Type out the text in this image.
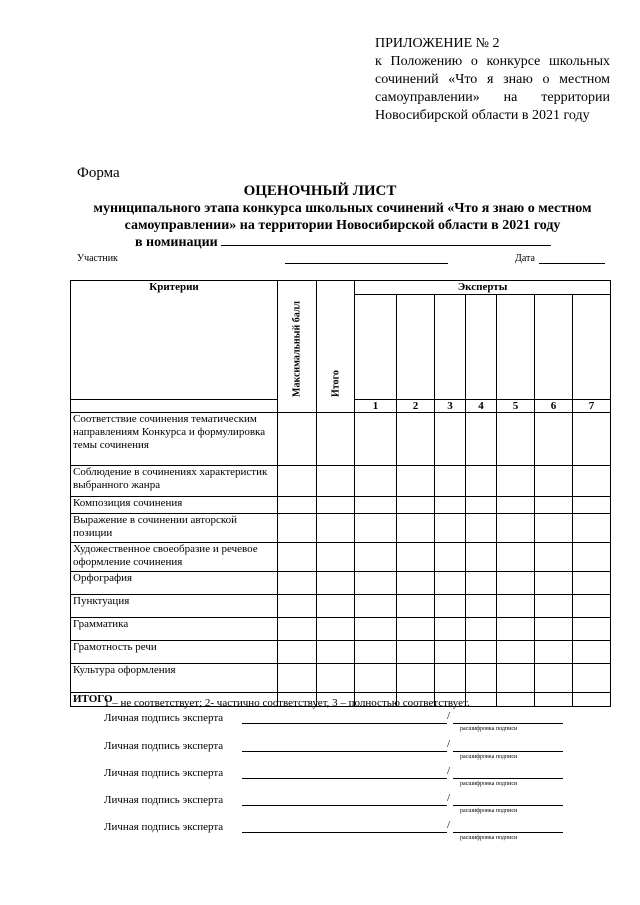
ПРИЛОЖЕНИЕ № 2
к Положению о конкурсе школьных
сочинений «Что я знаю о местном
самоуправлении» на территории
Новосибирской области в 2021 году
Форма
ОЦЕНОЧНЫЙ ЛИСТ
муниципального этапа конкурса школьных сочинений «Что я знаю о местном самоуправлении» на территории Новосибирской области в 2021 году
в номинации
Участник	Дата
Критерии	Максимальный балл	Итого	Эксперты						

			1	2	3	4	5	6	7
Соответствие сочинения тематическим направлениям Конкурса и формулировка темы сочинения									
Соблюдение в сочинениях характеристик выбранного жанра									
Композиция сочинения									
Выражение в сочинении авторской позиции									
Художественное своеобразие и речевое оформление сочинения									
Орфография									
Пунктуация									
Грамматика									
Грамотность речи									
Культура оформления									
ИТОГО									
1 – не соответствует; 2- частично соответствует, 3 – полностью соответствует.
Личная подпись эксперта	/
расшифровка подписи
Личная подпись эксперта	/
расшифровка подписи
Личная подпись эксперта	/
расшифровка подписи
Личная подпись эксперта	/
расшифровка подписи
Личная подпись эксперта	/
расшифровка подписи
